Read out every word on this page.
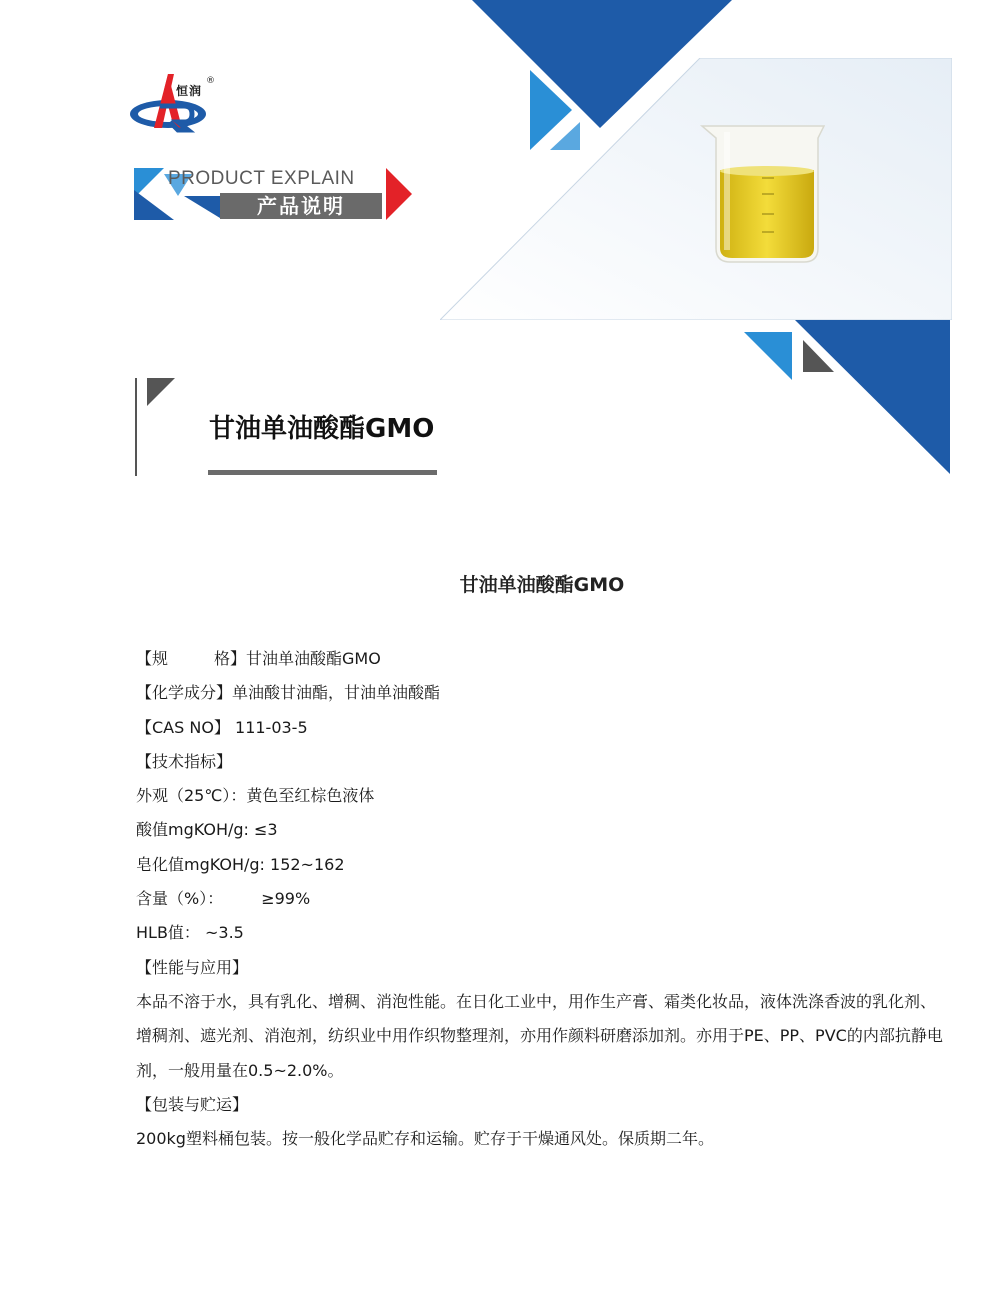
恒润
®
PRODUCT EXPLAIN
产品说明
甘油单油酸酯GMO
甘油单油酸酯GMO
【规	格】甘油单油酸酯GMO
【化学成分】单油酸甘油酯，甘油单油酸酯
【CAS NO】 111-03-5
【技术指标】
外观（25℃）：黄色至红棕色液体
酸值mgKOH/g: ≤3
皂化值mgKOH/g: 152~162
含量（%）： ≥99%
HLB值： ~3.5
【性能与应用】
本品不溶于水，具有乳化、增稠、消泡性能。在日化工业中，用作生产膏、霜类化妆品，液体洗涤香波的乳化剂、增稠剂、遮光剂、消泡剂，纺织业中用作织物整理剂，亦用作颜料研磨添加剂。亦用于PE、PP、PVC的内部抗静电剂，一般用量在0.5~2.0%。
【包装与贮运】
200kg塑料桶包装。按一般化学品贮存和运输。贮存于干燥通风处。保质期二年。
